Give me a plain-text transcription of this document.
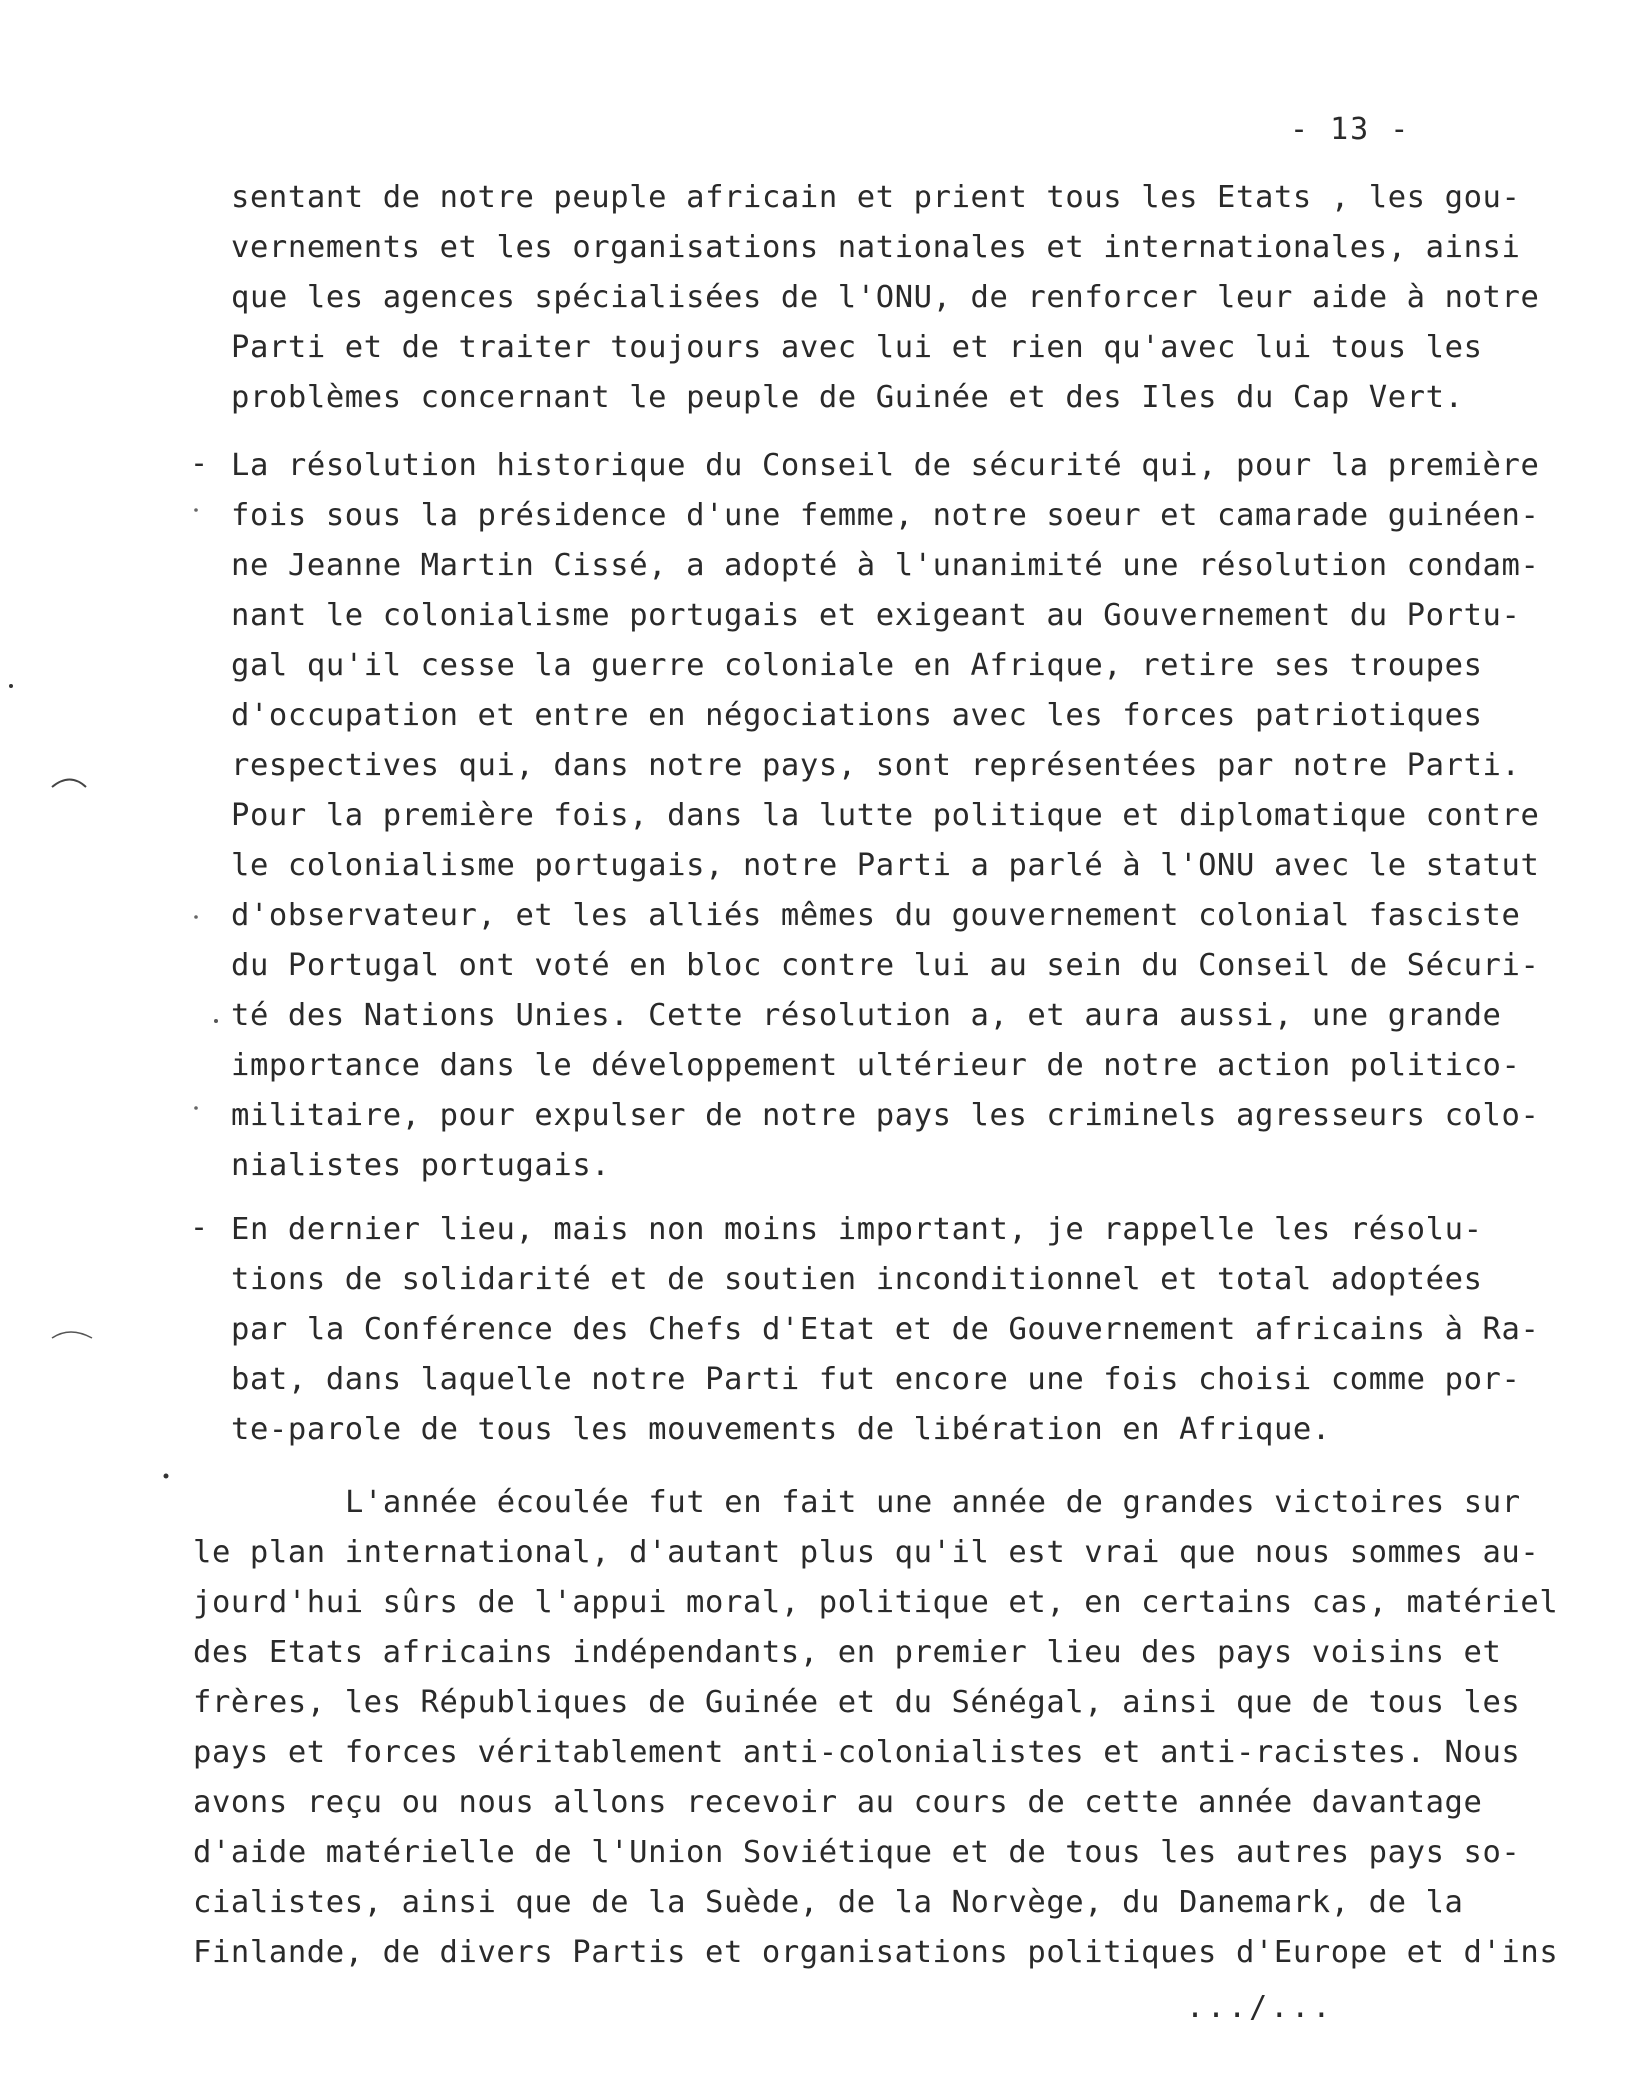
- 13 -
sentant de notre peuple africain et prient tous les Etats , les gou-
vernements et les organisations nationales et internationales, ainsi
que les agences spécialisées de l'ONU, de renforcer leur aide à notre
Parti et de traiter toujours avec lui et rien qu'avec lui tous les
problèmes concernant le peuple de Guinée et des Iles du Cap Vert.
- La résolution historique du Conseil de sécurité qui, pour la première
fois sous la présidence d'une femme, notre soeur et camarade guinéen-
ne Jeanne Martin Cissé, a adopté à l'unanimité une résolution condam-
nant le colonialisme portugais et exigeant au Gouvernement du Portu-
gal qu'il cesse la guerre coloniale en Afrique, retire ses troupes
d'occupation et entre en négociations avec les forces patriotiques
respectives qui, dans notre pays, sont représentées par notre Parti.
Pour la première fois, dans la lutte politique et diplomatique contre
le colonialisme portugais, notre Parti a parlé à l'ONU avec le statut
d'observateur, et les alliés mêmes du gouvernement colonial fasciste
du Portugal ont voté en bloc contre lui au sein du Conseil de Sécuri-
té des Nations Unies. Cette résolution a, et aura aussi, une grande
importance dans le développement ultérieur de notre action politico-
militaire, pour expulser de notre pays les criminels agresseurs colo-
nialistes portugais.
- En dernier lieu, mais non moins important, je rappelle les résolu-
tions de solidarité et de soutien inconditionnel et total adoptées
par la Conférence des Chefs d'Etat et de Gouvernement africains à Ra-
bat, dans laquelle notre Parti fut encore une fois choisi comme por-
te-parole de tous les mouvements de libération en Afrique.
L'année écoulée fut en fait une année de grandes victoires sur
le plan international, d'autant plus qu'il est vrai que nous sommes au-
jourd'hui sûrs de l'appui moral, politique et, en certains cas, matériel
des Etats africains indépendants, en premier lieu des pays voisins et
frères, les Républiques de Guinée et du Sénégal, ainsi que de tous les
pays et forces véritablement anti-colonialistes et anti-racistes. Nous
avons reçu ou nous allons recevoir au cours de cette année davantage
d'aide matérielle de l'Union Soviétique et de tous les autres pays so-
cialistes, ainsi que de la Suède, de la Norvège, du Danemark, de la
Finlande, de divers Partis et organisations politiques d'Europe et d'ins
.../...
